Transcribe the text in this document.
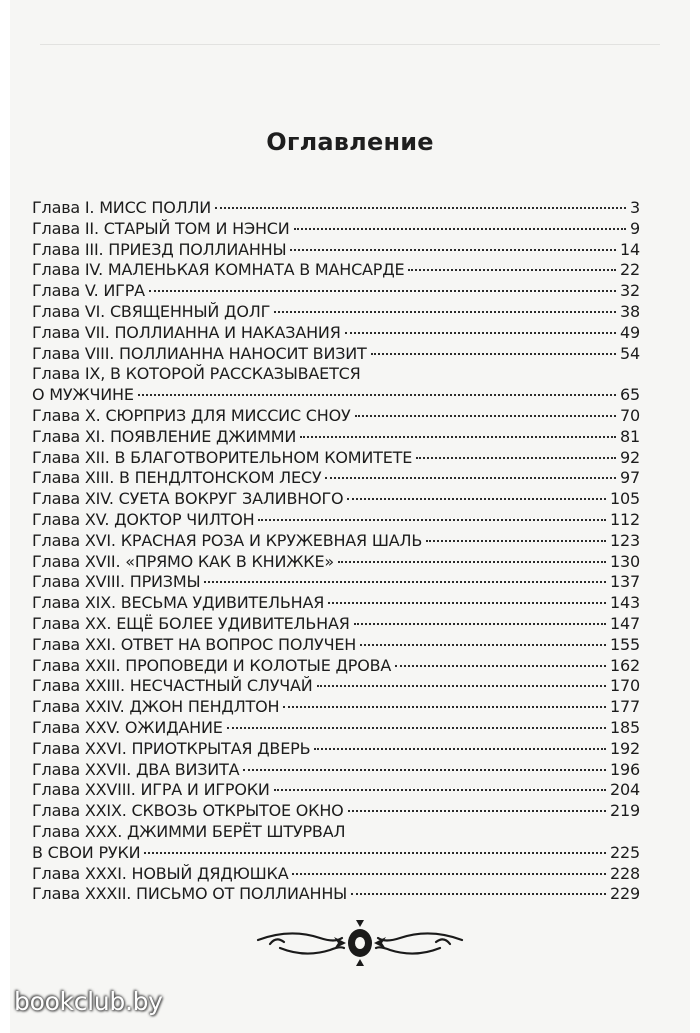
Оглавление
Глава I. МИСС ПОЛЛИ	3
Глава II. СТАРЫЙ ТОМ И НЭНСИ	9
Глава III. ПРИЕЗД ПОЛЛИАННЫ	14
Глава IV. МАЛЕНЬКАЯ КОМНАТА В МАНСАРДЕ	22
Глава V. ИГРА	32
Глава VI. СВЯЩЕННЫЙ ДОЛГ	38
Глава VII. ПОЛЛИАННА И НАКАЗАНИЯ	49
Глава VIII. ПОЛЛИАННА НАНОСИТ ВИЗИТ	54
Глава IX, В КОТОРОЙ РАССКАЗЫВАЕТСЯ
О МУЖЧИНЕ	65
Глава X. СЮРПРИЗ ДЛЯ МИССИС СНОУ	70
Глава XI. ПОЯВЛЕНИЕ ДЖИММИ	81
Глава XII. В БЛАГОТВОРИТЕЛЬНОМ КОМИТЕТЕ	92
Глава XIII. В ПЕНДЛТОНСКОМ ЛЕСУ	97
Глава XIV. СУЕТА ВОКРУГ ЗАЛИВНОГО	105
Глава XV. ДОКТОР ЧИЛТОН	112
Глава XVI. КРАСНАЯ РОЗА И КРУЖЕВНАЯ ШАЛЬ	123
Глава XVII. «ПРЯМО КАК В КНИЖКЕ»	130
Глава XVIII. ПРИЗМЫ	137
Глава XIX. ВЕСЬМА УДИВИТЕЛЬНАЯ	143
Глава XX. ЕЩЁ БОЛЕЕ УДИВИТЕЛЬНАЯ	147
Глава XXI. ОТВЕТ НА ВОПРОС ПОЛУЧЕН	155
Глава XXII. ПРОПОВЕДИ И КОЛОТЫЕ ДРОВА	162
Глава XXIII. НЕСЧАСТНЫЙ СЛУЧАЙ	170
Глава XXIV. ДЖОН ПЕНДЛТОН	177
Глава XXV. ОЖИДАНИЕ	185
Глава XXVI. ПРИОТКРЫТАЯ ДВЕРЬ	192
Глава XXVII. ДВА ВИЗИТА	196
Глава XXVIII. ИГРА И ИГРОКИ	204
Глава XXIX. СКВОЗЬ ОТКРЫТОЕ ОКНО	219
Глава XXX. ДЖИММИ БЕРЁТ ШТУРВАЛ
В СВОИ РУКИ	225
Глава XXXI. НОВЫЙ ДЯДЮШКА	228
Глава XXXII. ПИСЬМО ОТ ПОЛЛИАННЫ	229
bookclub.by
